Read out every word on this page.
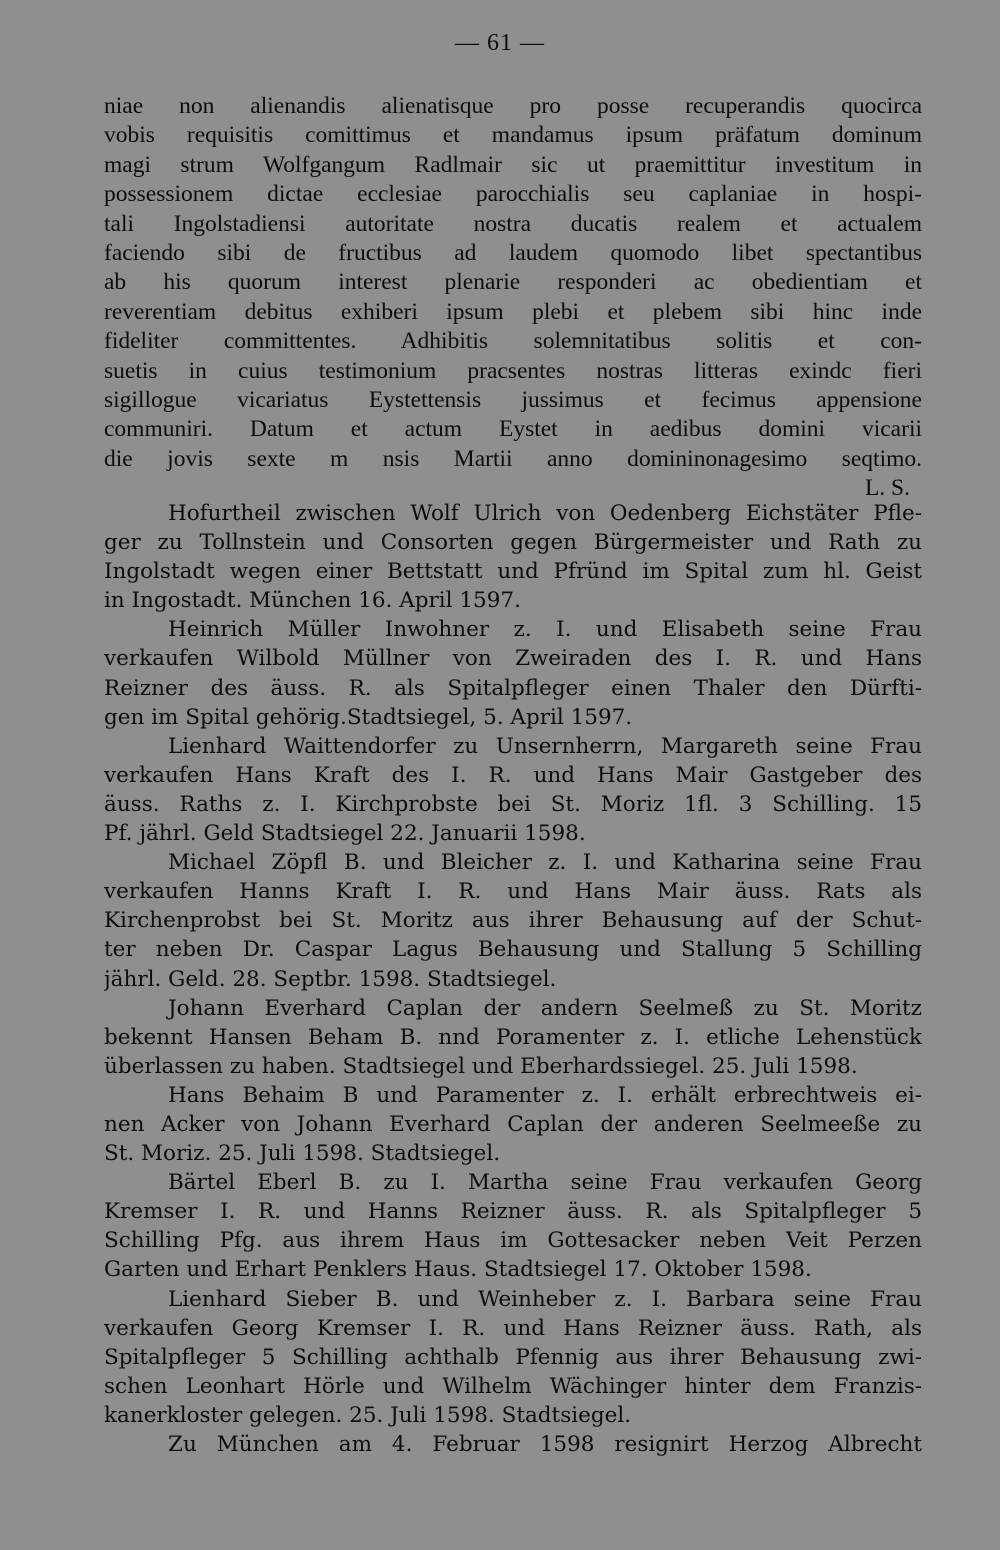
— 61 —
niae non alienandis alienatisque pro posse recuperandis quocirca
vobis requisitis comittimus et mandamus ipsum präfatum dominum
magi strum Wolfgangum Radlmair sic ut praemittitur investitum in
possessionem dictae ecclesiae parocchialis seu caplaniae in hospi-
tali Ingolstadiensi autoritate nostra ducatis realem et actualem
faciendo sibi de fructibus ad laudem quomodo libet spectantibus
ab his quorum interest plenarie responderi ac obedientiam et
reverentiam debitus exhiberi ipsum plebi et plebem sibi hinc inde
fideliter committentes. Adhibitis solemnitatibus solitis et con-
suetis in cuius testimonium pracsentes nostras litteras exindc fieri
sigillogue vicariatus Eystettensis jussimus et fecimus appensione
communiri. Datum et actum Eystet in aedibus domini vicarii
die jovis sexte m nsis Martii anno domininonagesimo seqtimo.
L. S.
Hofurtheil zwischen Wolf Ulrich von Oedenberg Eichstäter Pfle-
ger zu Tollnstein und Consorten gegen Bürgermeister und Rath zu
Ingolstadt wegen einer Bettstatt und Pfründ im Spital zum hl. Geist
in Ingostadt. München 16. April 1597.
Heinrich Müller Inwohner z. I. und Elisabeth seine Frau
verkaufen Wilbold Müllner von Zweiraden des I. R. und Hans
Reizner des äuss. R. als Spitalpfleger einen Thaler den Dürfti-
gen im Spital gehörig.Stadtsiegel, 5. April 1597.
Lienhard Waittendorfer zu Unsernherrn, Margareth seine Frau
verkaufen Hans Kraft des I. R. und Hans Mair Gastgeber des
äuss. Raths z. I. Kirchprobste bei St. Moriz 1fl. 3 Schilling. 15
Pf. jährl. Geld Stadtsiegel 22. Januarii 1598.
Michael Zöpfl B. und Bleicher z. I. und Katharina seine Frau
verkaufen Hanns Kraft I. R. und Hans Mair äuss. Rats als
Kirchenprobst bei St. Moritz aus ihrer Behausung auf der Schut-
ter neben Dr. Caspar Lagus Behausung und Stallung 5 Schilling
jährl. Geld. 28. Septbr. 1598. Stadtsiegel.
Johann Everhard Caplan der andern Seelmeß zu St. Moritz
bekennt Hansen Beham B. nnd Poramenter z. I. etliche Lehenstück
überlassen zu haben. Stadtsiegel und Eberhardssiegel. 25. Juli 1598.
Hans Behaim B und Paramenter z. I. erhält erbrechtweis ei-
nen Acker von Johann Everhard Caplan der anderen Seelmeeße zu
St. Moriz. 25. Juli 1598. Stadtsiegel.
Bärtel Eberl B. zu I. Martha seine Frau verkaufen Georg
Kremser I. R. und Hanns Reizner äuss. R. als Spitalpfleger 5
Schilling Pfg. aus ihrem Haus im Gottesacker neben Veit Perzen
Garten und Erhart Penklers Haus. Stadtsiegel 17. Oktober 1598.
Lienhard Sieber B. und Weinheber z. I. Barbara seine Frau
verkaufen Georg Kremser I. R. und Hans Reizner äuss. Rath, als
Spitalpfleger 5 Schilling achthalb Pfennig aus ihrer Behausung zwi-
schen Leonhart Hörle und Wilhelm Wächinger hinter dem Franzis-
kanerkloster gelegen. 25. Juli 1598. Stadtsiegel.
Zu München am 4. Februar 1598 resignirt Herzog Albrecht
